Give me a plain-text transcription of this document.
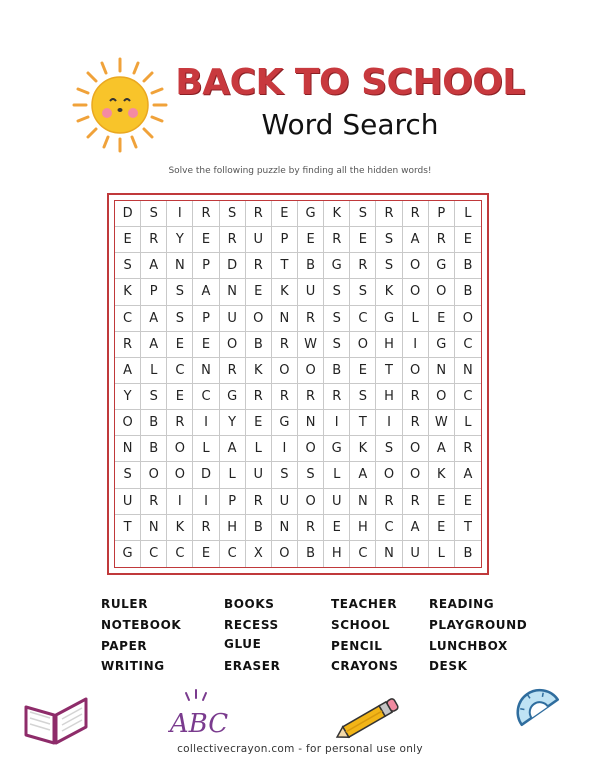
BACK TO SCHOOL
Word Search
Solve the following puzzle by finding all the hidden words!
D	S	I	R	S	R	E	G	K	S	R	R	P	L
E	R	Y	E	R	U	P	E	R	E	S	A	R	E
S	A	N	P	D	R	T	B	G	R	S	O	G	B
K	P	S	A	N	E	K	U	S	S	K	O	O	B
C	A	S	P	U	O	N	R	S	C	G	L	E	O
R	A	E	E	O	B	R	W	S	O	H	I	G	C
A	L	C	N	R	K	O	O	B	E	T	O	N	N
Y	S	E	C	G	R	R	R	R	S	H	R	O	C
O	B	R	I	Y	E	G	N	I	T	I	R	W	L
N	B	O	L	A	L	I	O	G	K	S	O	A	R
S	O	O	D	L	U	S	S	L	A	O	O	K	A
U	R	I	I	P	R	U	O	U	N	R	R	E	E
T	N	K	R	H	B	N	R	E	H	C	A	E	T
G	C	C	E	C	X	O	B	H	C	N	U	L	B
RULER
NOTEBOOK
PAPER
WRITING
BOOKS
RECESS
GLUE
ERASER
TEACHER
SCHOOL
PENCIL
CRAYONS
READING
PLAYGROUND
LUNCHBOX
DESK
ABC
collectivecrayon.com - for personal use only
